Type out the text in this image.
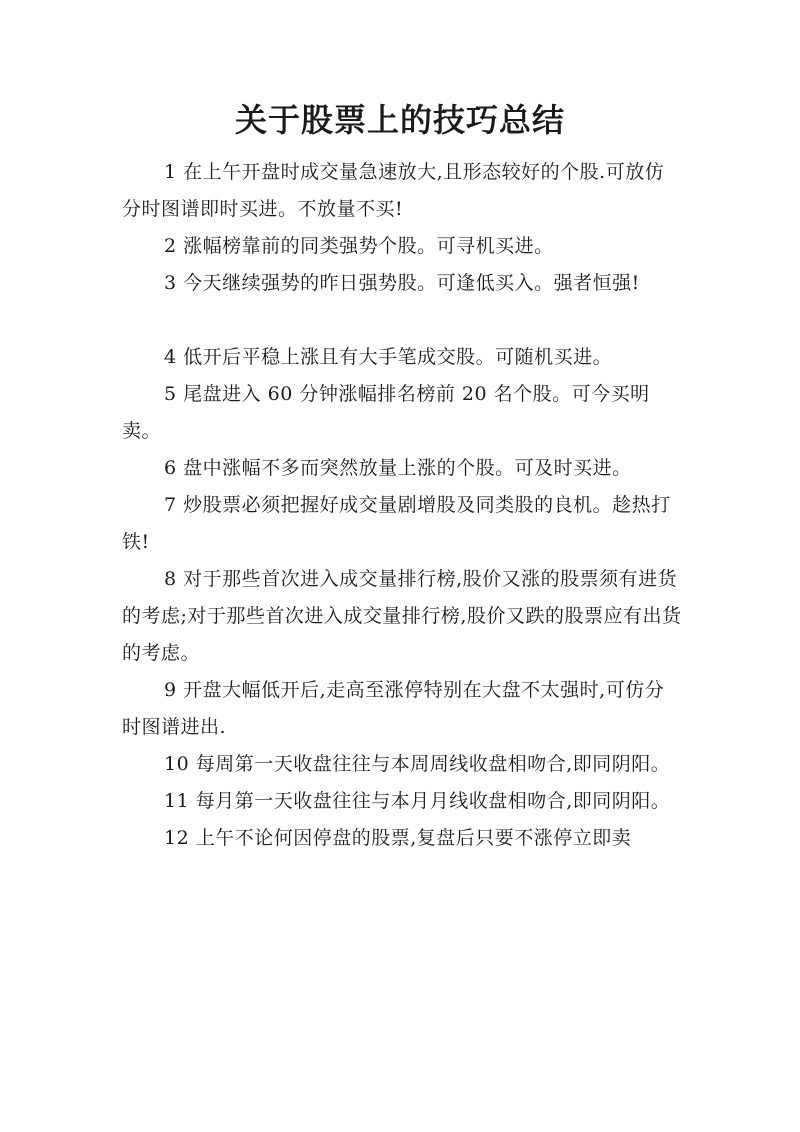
关于股票上的技巧总结

1 在上午开盘时成交量急速放大,且形态较好的个股.可放仿分时图谱即时买进。不放量不买!

2 涨幅榜靠前的同类强势个股。可寻机买进。

3 今天继续强势的昨日强势股。可逢低买入。强者恒强!

4 低开后平稳上涨且有大手笔成交股。可随机买进。

5 尾盘进入 60 分钟涨幅排名榜前 20 名个股。可今买明卖。

6 盘中涨幅不多而突然放量上涨的个股。可及时买进。

7 炒股票必须把握好成交量剧增股及同类股的良机。趁热打铁!

8 对于那些首次进入成交量排行榜,股价又涨的股票须有进货的考虑;对于那些首次进入成交量排行榜,股价又跌的股票应有出货的考虑。

9 开盘大幅低开后,走高至涨停特别在大盘不太强时,可仿分时图谱进出.

10 每周第一天收盘往往与本周周线收盘相吻合,即同阴阳。

11 每月第一天收盘往往与本月月线收盘相吻合,即同阴阳。

12 上午不论何因停盘的股票,复盘后只要不涨停立即卖
